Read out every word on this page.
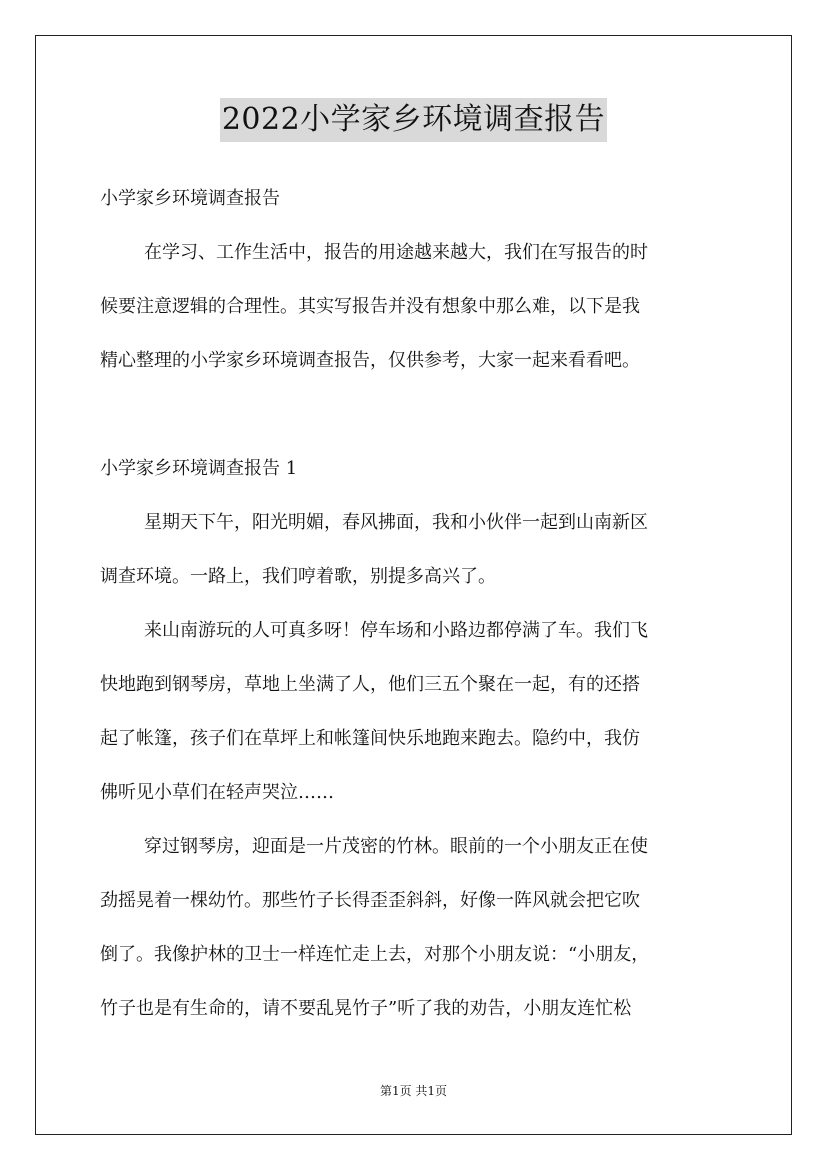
2022小学家乡环境调查报告
小学家乡环境调查报告
在学习、工作生活中，报告的用途越来越大，我们在写报告的时
候要注意逻辑的合理性。其实写报告并没有想象中那么难，以下是我
精心整理的小学家乡环境调查报告，仅供参考，大家一起来看看吧。
小学家乡环境调查报告 1
星期天下午，阳光明媚，春风拂面，我和小伙伴一起到山南新区
调查环境。一路上，我们哼着歌，别提多高兴了。
来山南游玩的人可真多呀！停车场和小路边都停满了车。我们飞
快地跑到钢琴房，草地上坐满了人，他们三五个聚在一起，有的还搭
起了帐篷，孩子们在草坪上和帐篷间快乐地跑来跑去。隐约中，我仿
佛听见小草们在轻声哭泣……
穿过钢琴房，迎面是一片茂密的竹林。眼前的一个小朋友正在使
劲摇晃着一棵幼竹。那些竹子长得歪歪斜斜，好像一阵风就会把它吹
倒了。我像护林的卫士一样连忙走上去，对那个小朋友说：“小朋友，
竹子也是有生命的，请不要乱晃竹子”听了我的劝告，小朋友连忙松
第1页 共1页
